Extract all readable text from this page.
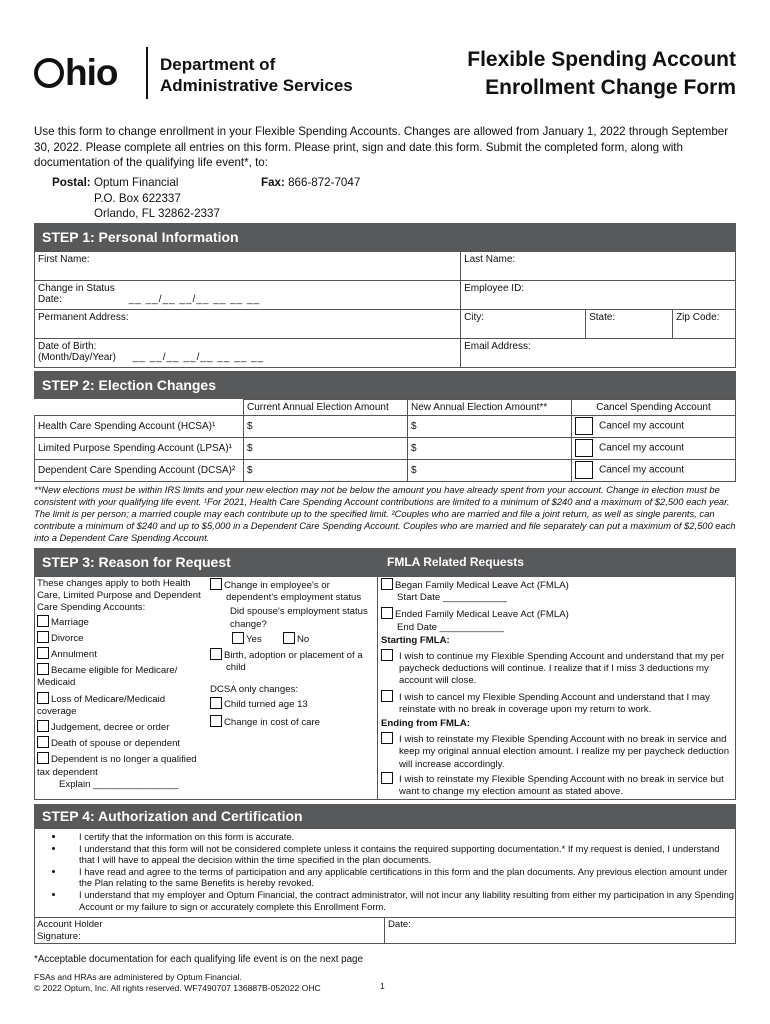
hio	Department of
Administrative Services
Flexible Spending Account
Enrollment Change Form
Use this form to change enrollment in your Flexible Spending Accounts. Changes are allowed from January 1, 2022 through September 30, 2022. Please complete all entries on this form. Please print, sign and date this form. Submit the completed form, along with documentation of the qualifying life event*, to:
Postal: Optum Financial
P.O. Box 622337
Orlando, FL 32862-2337
Fax: 866-872-7047
STEP 1: Personal Information
First Name:	Last Name:		
Change in Status
Date: __ __/__ __/__ __ __ __	Employee ID:		
Permanent Address:	City:	State:	Zip Code:
Date of Birth:
(Month/Day/Year) __ __/__ __/__ __ __ __	Email Address:		
STEP 2: Election Changes
	Current Annual Election Amount	New Annual Election Amount**	Cancel Spending Account
Health Care Spending Account (HCSA)¹	$	$	Cancel my account
Limited Purpose Spending Account (LPSA)¹	$	$	Cancel my account
Dependent Care Spending Account (DCSA)²	$	$	Cancel my account
**New elections must be within IRS limits and your new election may not be below the amount you have already spent from your account. Change in election must be consistent with your qualifying life event. ¹For 2021, Health Care Spending Account contributions are limited to a minimum of $240 and a maximum of $2,500 each year. The limit is per person; a married couple may each contribute up to the specified limit. ²Couples who are married and file a joint return, as well as single parents, can contribute a minimum of $240 and up to $5,000 in a Dependent Care Spending Account. Couples who are married and file separately can put a maximum of $2,500 each into a Dependent Care Spending Account.
STEP 3: Reason for Request	FMLA Related Requests
These changes apply to both Health Care, Limited Purpose and Dependent Care Spending Accounts:
Marriage
Divorce
Annulment
Became eligible for Medicare/ Medicaid
Loss of Medicare/Medicaid coverage
Judgement, decree or order
Death of spouse or dependent
Dependent is no longer a qualified tax dependent
Explain ________________
Change in employee's or dependent's employment status
Did spouse's employment status change?
Yes	No
Birth, adoption or placement of a child
DCSA only changes:
Child turned age 13
Change in cost of care
Began Family Medical Leave Act (FMLA)
Start Date ____________
Ended Family Medical Leave Act (FMLA)
End Date ____________
Starting FMLA:
I wish to continue my Flexible Spending Account and understand that my per paycheck deductions will continue. I realize that if I miss 3 deductions my account will close.
I wish to cancel my Flexible Spending Account and understand that I may reinstate with no break in coverage upon my return to work.
Ending from FMLA:
I wish to reinstate my Flexible Spending Account with no break in service and keep my original annual election amount. I realize my per paycheck deduction will increase accordingly.
I wish to reinstate my Flexible Spending Account with no break in service but want to change my election amount as stated above.
STEP 4: Authorization and Certification
• I certify that the information on this form is accurate.
• I understand that this form will not be considered complete unless it contains the required supporting documentation.* If my request is denied, I understand that I will have to appeal the decision within the time specified in the plan documents.
• I have read and agree to the terms of participation and any applicable certifications in this form and the plan documents. Any previous election amount under the Plan relating to the same Benefits is hereby revoked.
• I understand that my employer and Optum Financial, the contract administrator, will not incur any liability resulting from either my participation in any Spending Account or my failure to sign or accurately complete this Enrollment Form.
Account Holder
Signature:
Date:
*Acceptable documentation for each qualifying life event is on the next page
FSAs and HRAs are administered by Optum Financial.
© 2022 Optum, Inc. All rights reserved. WF7490707 136887B-052022 OHC	1
